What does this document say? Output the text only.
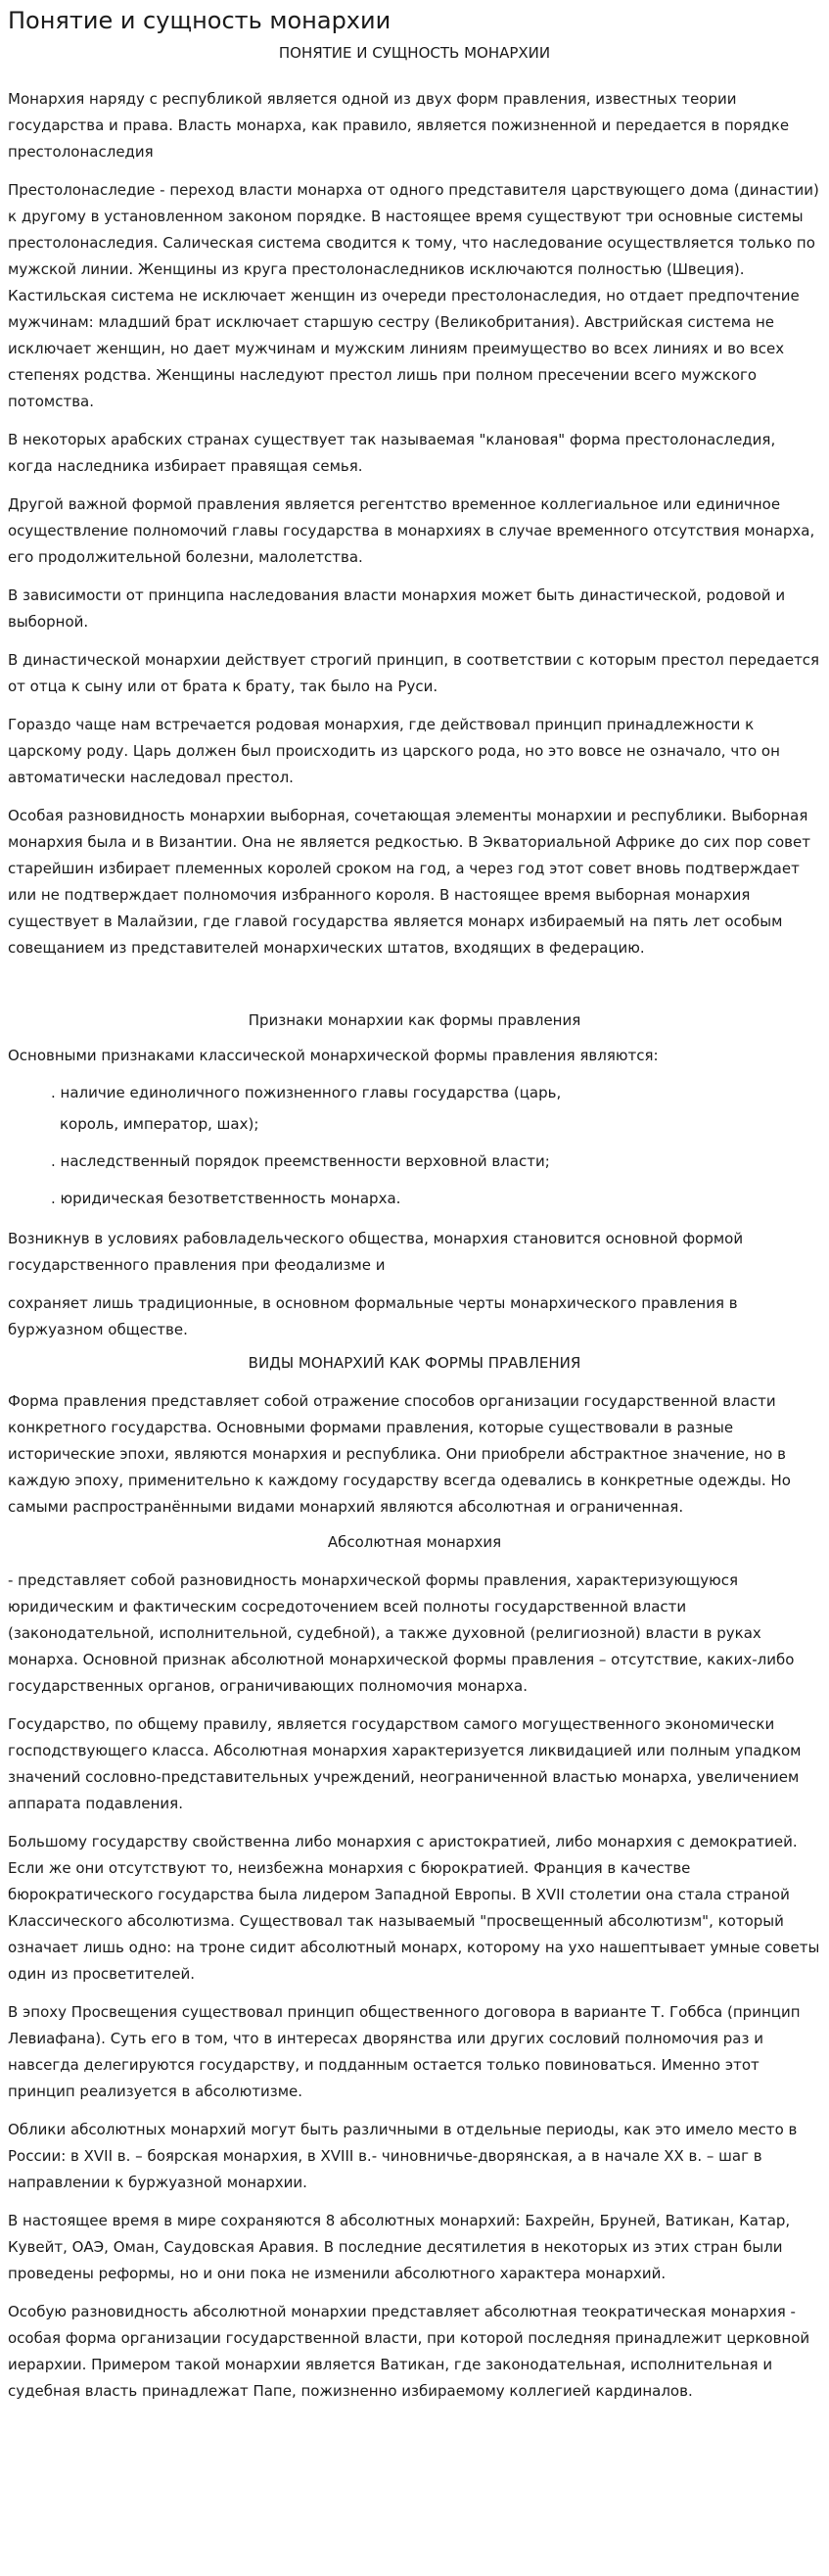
Понятие и сущность монархии
ПОНЯТИЕ И СУЩНОСТЬ МОНАРХИИ

Монархия наряду с республикой является одной из двух форм правления, известных теории государства и права. Власть монарха, как правило, является пожизненной и передается в порядке престолонаследия

Престолонаследие - переход власти монарха от одного представителя царствующего дома (династии) к другому в установленном законом порядке. В настоящее время существуют три основные системы престолонаследия. Салическая система сводится к тому, что наследование осуществляется только по мужской линии. Женщины из круга престолонаследников исключаются полностью (Швеция). Кастильская система не исключает женщин из очереди престолонаследия, но отдает предпочтение мужчинам: младший брат исключает старшую сестру (Великобритания). Австрийская система не исключает женщин, но дает мужчинам и мужским линиям преимущество во всех линиях и во всех степенях родства. Женщины наследуют престол лишь при полном пресечении всего мужского потомства.

В некоторых арабских странах существует так называемая "клановая" форма престолонаследия, когда наследника избирает правящая семья.

Другой важной формой правления является регентство временное коллегиальное или единичное осуществление полномочий главы государства в монархиях в случае временного отсутствия монарха, его продолжительной болезни, малолетства.

В зависимости от принципа наследования власти монархия может быть династической, родовой и выборной.

В династической монархии действует строгий принцип, в соответствии с которым престол передается от отца к сыну или от брата к брату, так было на Руси.

Гораздо чаще нам встречается родовая монархия, где действовал принцип принадлежности к царскому роду. Царь должен был происходить из царского рода, но это вовсе не означало, что он автоматически наследовал престол.

Особая разновидность монархии выборная, сочетающая элементы монархии и республики. Выборная монархия была и в Византии. Она не является редкостью. В Экваториальной Африке до сих пор совет старейшин избирает племенных королей сроком на год, а через год этот совет вновь подтверждает или не подтверждает полномочия избранного короля. В настоящее время выборная монархия существует в Малайзии, где главой государства является монарх избираемый на пять лет особым совещанием из представителей монархических штатов, входящих в федерацию.

Признаки монархии как формы правления
Основными признаками классической монархической формы правления являются:
. наличие единоличного пожизненного главы государства (царь,
король, император, шах);
. наследственный порядок преемственности верховной власти;
. юридическая безответственность монарха.

Возникнув в условиях рабовладельческого общества, монархия становится основной формой государственного правления при феодализме и

сохраняет лишь традиционные, в основном формальные черты монархического правления в буржуазном обществе.

ВИДЫ МОНАРХИЙ КАК ФОРМЫ ПРАВЛЕНИЯ

Форма правления представляет собой отражение способов организации государственной власти конкретного государства. Основными формами правления, которые существовали в разные исторические эпохи, являются монархия и республика. Они приобрели абстрактное значение, но в каждую эпоху, применительно к каждому государству всегда одевались в конкретные одежды. Но самыми распространёнными видами монархий являются абсолютная и ограниченная.

Абсолютная монархия

- представляет собой разновидность монархической формы правления, характеризующуюся юридическим и фактическим сосредоточением всей полноты государственной власти (законодательной, исполнительной, судебной), а также духовной (религиозной) власти в руках монарха. Основной признак абсолютной монархической формы правления – отсутствие, каких-либо государственных органов, ограничивающих полномочия монарха.

Государство, по общему правилу, является государством самого могущественного экономически господствующего класса. Абсолютная монархия характеризуется ликвидацией или полным упадком значений сословно-представительных учреждений, неограниченной властью монарха, увеличением аппарата подавления.

Большому государству свойственна либо монархия с аристократией, либо монархия с демократией. Если же они отсутствуют то, неизбежна монархия с бюрократией. Франция в качестве бюрократического государства была лидером Западной Европы. В XVII столетии она стала страной Классического абсолютизма. Существовал так называемый "просвещенный абсолютизм", который означает лишь одно: на троне сидит абсолютный монарх, которому на ухо нашептывает умные советы один из просветителей.

В эпоху Просвещения существовал принцип общественного договора в варианте Т. Гоббса (принцип Левиафана). Суть его в том, что в интересах дворянства или других сословий полномочия раз и навсегда делегируются государству, и подданным остается только повиноваться. Именно этот принцип реализуется в абсолютизме.

Облики абсолютных монархий могут быть различными в отдельные периоды, как это имело место в России: в XVII в. – боярская монархия, в XVIII в.- чиновничье-дворянская, а в начале XX в. – шаг в направлении к буржуазной монархии.

В настоящее время в мире сохраняются 8 абсолютных монархий: Бахрейн, Бруней, Ватикан, Катар, Кувейт, ОАЭ, Оман, Саудовская Аравия. В последние десятилетия в некоторых из этих стран были проведены реформы, но и они пока не изменили абсолютного характера монархий.

Особую разновидность абсолютной монархии представляет абсолютная теократическая монархия - особая форма организации государственной власти, при которой последняя принадлежит церковной иерархии. Примером такой монархии является Ватикан, где законодательная, исполнительная и судебная власть принадлежат Папе, пожизненно избираемому коллегией кардиналов.
